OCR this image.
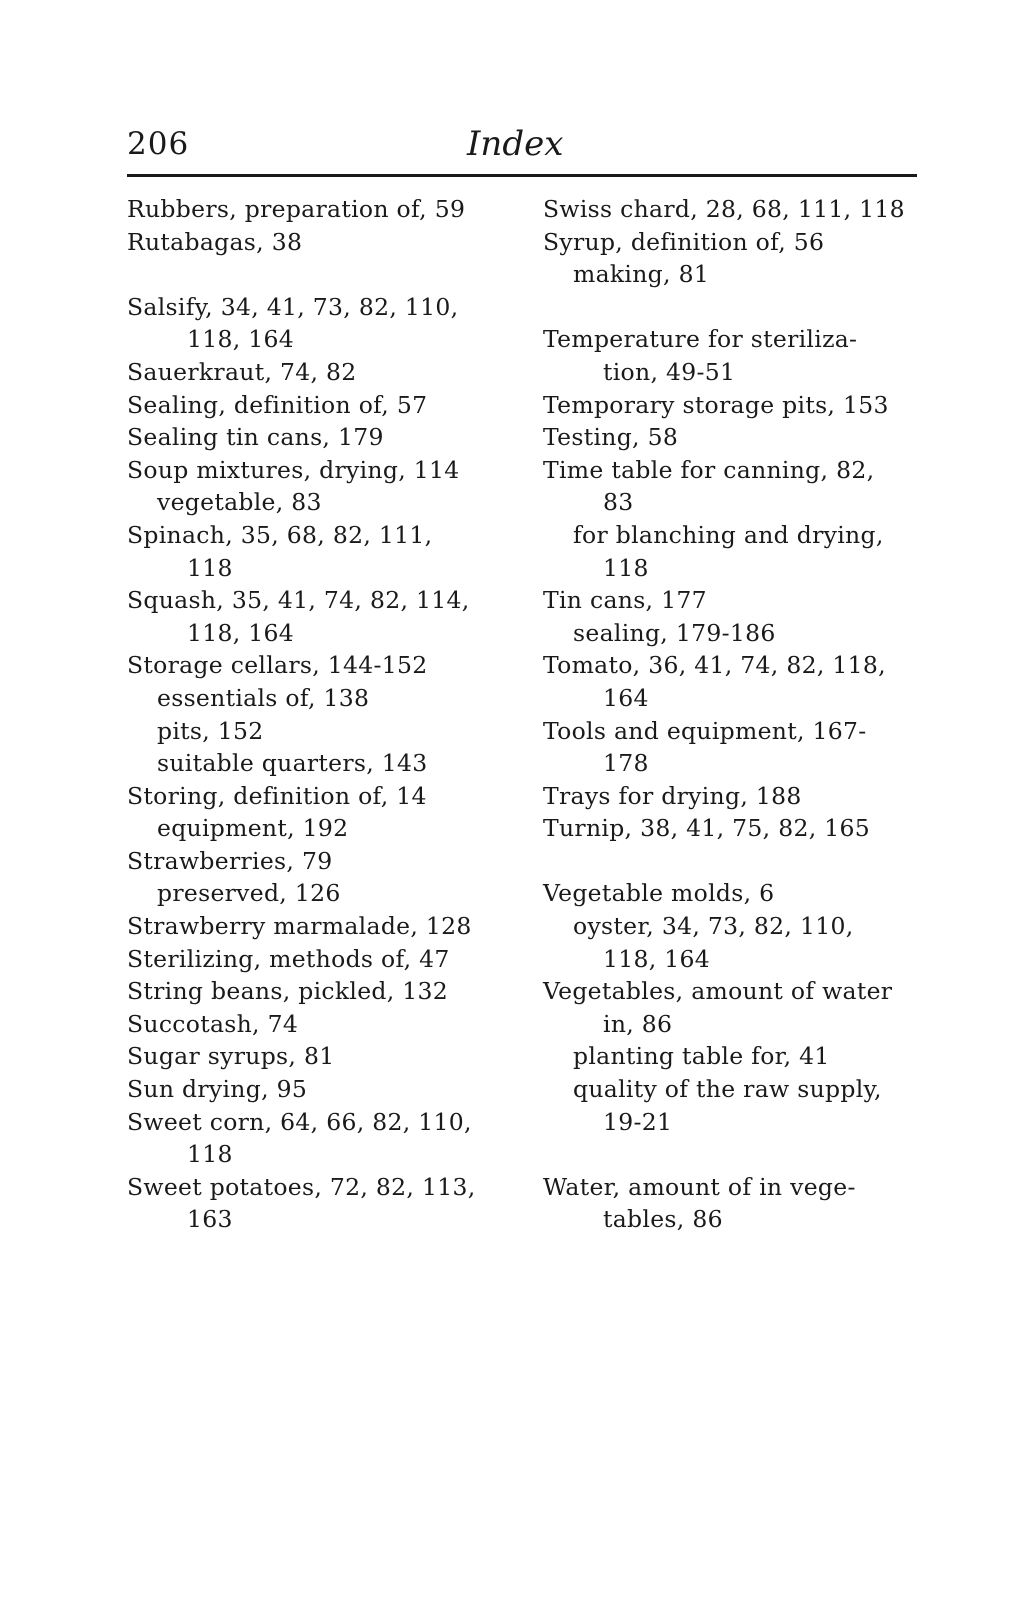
206	Index

Rubbers, preparation of, 59

Rutabagas, 38

Salsify, 34, 41, 73, 82, 110,

118, 164

Sauerkraut, 74, 82

Sealing, definition of, 57

Sealing tin cans, 179

Soup mixtures, drying, 114

vegetable, 83

Spinach, 35, 68, 82, 111,

118

Squash, 35, 41, 74, 82, 114,

118, 164

Storage cellars, 144-152

essentials of, 138

pits, 152

suitable quarters, 143

Storing, definition of, 14

equipment, 192

Strawberries, 79

preserved, 126

Strawberry marmalade, 128

Sterilizing, methods of, 47

String beans, pickled, 132

Succotash, 74

Sugar syrups, 81

Sun drying, 95

Sweet corn, 64, 66, 82, 110,

118

Sweet potatoes, 72, 82, 113,

163

Swiss chard, 28, 68, 111, 118

Syrup, definition of, 56

making, 81

Temperature for steriliza-

tion, 49-51

Temporary storage pits, 153

Testing, 58

Time table for canning, 82,

83

for blanching and drying,

118

Tin cans, 177

sealing, 179-186

Tomato, 36, 41, 74, 82, 118,

164

Tools and equipment, 167-

178

Trays for drying, 188

Turnip, 38, 41, 75, 82, 165

Vegetable molds, 6

oyster, 34, 73, 82, 110,

118, 164

Vegetables, amount of water

in, 86

planting table for, 41

quality of the raw supply,

19-21

Water, amount of in vege-

tables, 86
